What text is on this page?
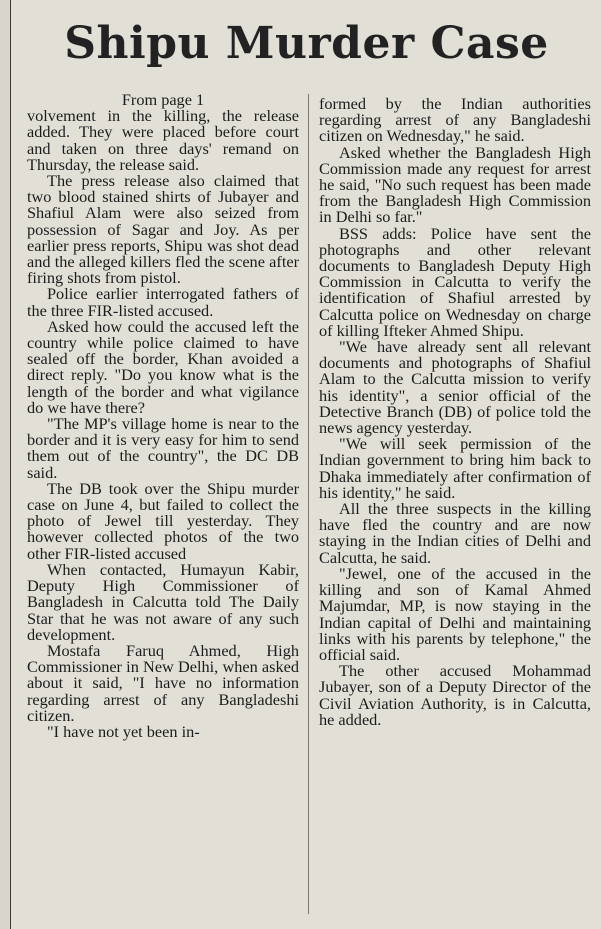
Shipu Murder Case

From page 1

volvement in the killing, the release added. They were placed before court and taken on three days' remand on Thursday, the release said.

The press release also claimed that two blood stained shirts of Jubayer and Shafiul Alam were also seized from possession of Sagar and Joy. As per earlier press reports, Shipu was shot dead and the alleged killers fled the scene after firing shots from pistol.

Police earlier interrogated fathers of the three FIR-listed accused.

Asked how could the accused left the country while police claimed to have sealed off the border, Khan avoided a direct reply. "Do you know what is the length of the border and what vigilance do we have there?

"The MP's village home is near to the border and it is very easy for him to send them out of the country", the DC DB said.

The DB took over the Shipu murder case on June 4, but failed to collect the photo of Jewel till yesterday. They however collected photos of the two other FIR-listed accused

When contacted, Humayun Kabir, Deputy High Commissioner of Bangladesh in Calcutta told The Daily Star that he was not aware of any such development.

Mostafa Faruq Ahmed, High Commissioner in New Delhi, when asked about it said, "I have no information regarding arrest of any Bangladeshi citizen.

"I have not yet been in-

formed by the Indian authorities regarding arrest of any Bangladeshi citizen on Wednesday," he said.

Asked whether the Bangladesh High Commission made any request for arrest he said, "No such request has been made from the Bangladesh High Commission in Delhi so far."

BSS adds: Police have sent the photographs and other relevant documents to Bangladesh Deputy High Commission in Calcutta to verify the identification of Shafiul arrested by Calcutta police on Wednesday on charge of killing Ifteker Ahmed Shipu.

"We have already sent all relevant documents and photographs of Shafiul Alam to the Calcutta mission to verify his identity", a senior official of the Detective Branch (DB) of police told the news agency yesterday.

"We will seek permission of the Indian government to bring him back to Dhaka immediately after confirmation of his identity," he said.

All the three suspects in the killing have fled the country and are now staying in the Indian cities of Delhi and Calcutta, he said.

"Jewel, one of the accused in the killing and son of Kamal Ahmed Majumdar, MP, is now staying in the Indian capital of Delhi and maintaining links with his parents by telephone," the official said.

The other accused Mohammad Jubayer, son of a Deputy Director of the Civil Aviation Authority, is in Calcutta, he added.
